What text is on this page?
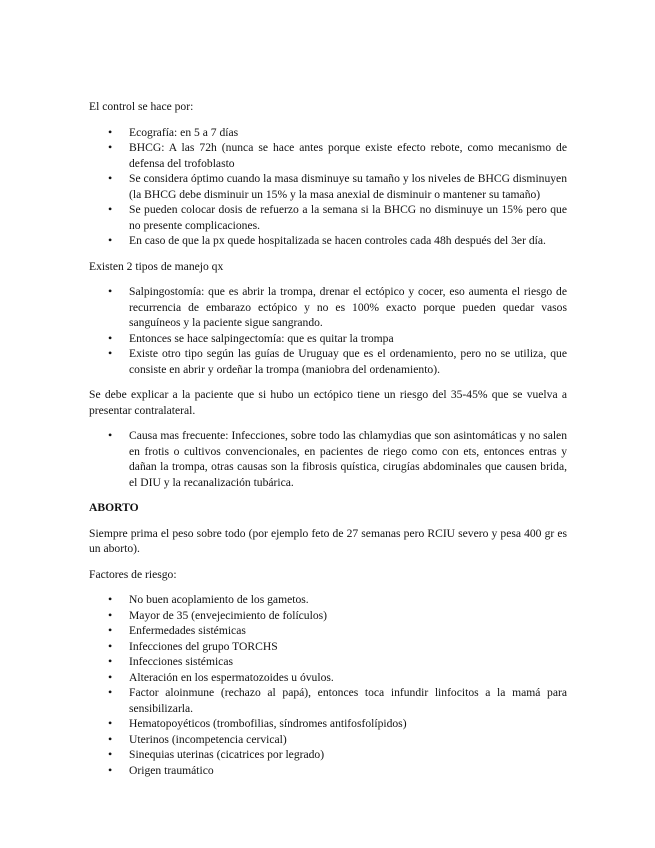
El control se hace por:

• Ecografía: en 5 a 7 días
• BHCG: A las 72h (nunca se hace antes porque existe efecto rebote, como mecanismo de defensa del trofoblasto
• Se considera óptimo cuando la masa disminuye su tamaño y los niveles de BHCG disminuyen (la BHCG debe disminuir un 15% y la masa anexial de disminuir o mantener su tamaño)
• Se pueden colocar dosis de refuerzo a la semana si la BHCG no disminuye un 15% pero que no presente complicaciones.
• En caso de que la px quede hospitalizada se hacen controles cada 48h después del 3er día.

Existen 2 tipos de manejo qx

• Salpingostomía: que es abrir la trompa, drenar el ectópico y cocer, eso aumenta el riesgo de recurrencia de embarazo ectópico y no es 100% exacto porque pueden quedar vasos sanguíneos y la paciente sigue sangrando.
• Entonces se hace salpingectomía: que es quitar la trompa
• Existe otro tipo según las guías de Uruguay que es el ordenamiento, pero no se utiliza, que consiste en abrir y ordeñar la trompa (maniobra del ordenamiento).

Se debe explicar a la paciente que si hubo un ectópico tiene un riesgo del 35-45% que se vuelva a presentar contralateral.

• Causa mas frecuente: Infecciones, sobre todo las chlamydias que son asintomáticas y no salen en frotis o cultivos convencionales, en pacientes de riego como con ets, entonces entras y dañan la trompa, otras causas son la fibrosis quística, cirugías abdominales que causen brida, el DIU y la recanalización tubárica.

ABORTO

Siempre prima el peso sobre todo (por ejemplo feto de 27 semanas pero RCIU severo y pesa 400 gr es un aborto).

Factores de riesgo:

• No buen acoplamiento de los gametos.
• Mayor de 35 (envejecimiento de folículos)
• Enfermedades sistémicas
• Infecciones del grupo TORCHS
• Infecciones sistémicas
• Alteración en los espermatozoides u óvulos.
• Factor aloinmune (rechazo al papá), entonces toca infundir linfocitos a la mamá para sensibilizarla.
• Hematopoyéticos (trombofilias, síndromes antifosfolípidos)
• Uterinos (incompetencia cervical)
• Sinequias uterinas (cicatrices por legrado)
• Origen traumático
